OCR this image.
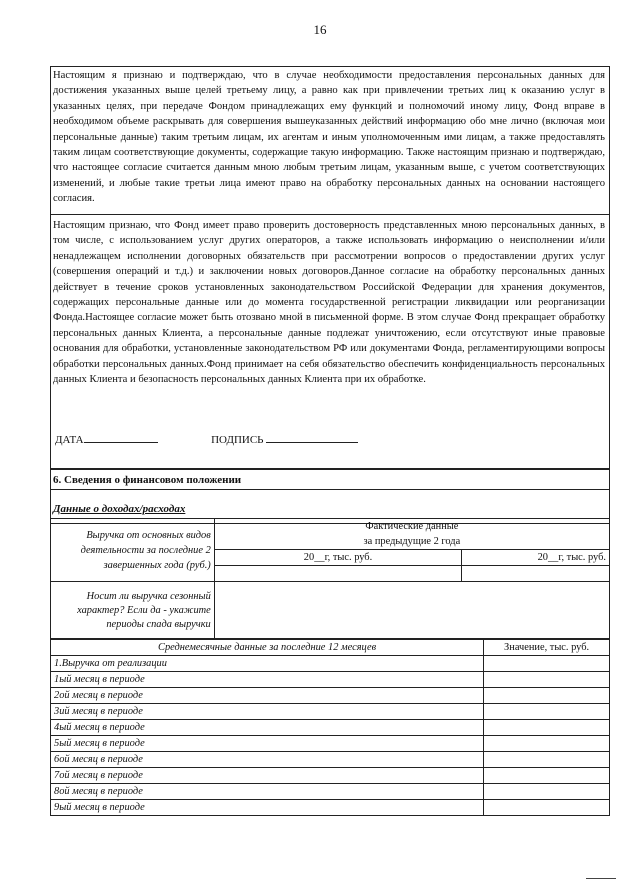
16
Настоящим я признаю и подтверждаю, что в случае необходимости предоставления персональных данных для достижения указанных выше целей третьему лицу, а равно как при привлечении третьих лиц к оказанию услуг в указанных целях, при передаче Фондом принадлежащих ему функций и полномочий иному лицу, Фонд вправе в необходимом объеме раскрывать для совершения вышеуказанных действий информацию обо мне лично (включая мои персональные данные) таким третьим лицам, их агентам и иным уполномоченным ими лицам, а также предоставлять таким лицам соответствующие документы, содержащие такую информацию. Также настоящим признаю и подтверждаю, что настоящее согласие считается данным мною любым третьим лицам, указанным выше, с учетом соответствующих изменений, и любые такие третьи лица имеют право на обработку персональных данных на основании настоящего согласия.
Настоящим признаю, что Фонд имеет право проверить достоверность представленных мною персональных данных, в том числе, с использованием услуг других операторов, а также использовать информацию о неисполнении и/или ненадлежащем исполнении договорных обязательств при рассмотрении вопросов о предоставлении других услуг (совершения операций и т.д.) и заключении новых договоров.Данное согласие на обработку персональных данных действует в течение сроков установленных законодательством Российской Федерации для хранения документов, содержащих персональные данные или до момента государственной регистрации ликвидации или реорганизации Фонда.Настоящее согласие может быть отозвано мной в письменной форме. В этом случае Фонд прекращает обработку персональных данных Клиента, а персональные данные подлежат уничтожению, если отсутствуют иные правовые основания для обработки, установленные законодательством РФ или документами Фонда, регламентирующими вопросы обработки персональных данных.Фонд принимает на себя обязательство обеспечить конфиденциальность персональных данных Клиента и безопасность персональных данных Клиента при их обработке.
ДАТА	ПОДПИСЬ
6. Сведения о финансовом положении
Данные о доходах/расходах
Выручка от основных видов деятельности за последние 2 завершенных года (руб.)	Фактические данные
за предыдущие 2 года	

	20__г, тыс. руб.	20__г, тыс. руб.

Носит ли выручка сезонный характер? Если да - укажите периоды спада выручки		
Среднемесячные данные за последние 12 месяцев	Значение, тыс. руб.
1.Выручка от реализации	
1ый месяц в периоде	
2ой месяц в периоде	
3ий месяц в периоде	
4ый месяц в периоде	
5ый месяц в периоде	
6ой месяц в периоде	
7ой месяц в периоде	
8ой месяц в периоде	
9ый месяц в периоде	
